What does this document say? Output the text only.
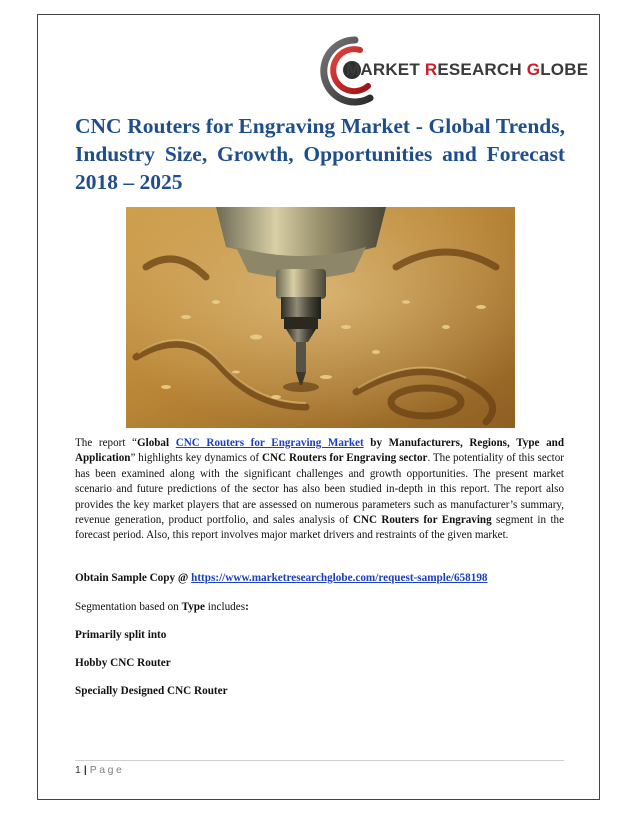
MARKET RESEARCH GLOBE
CNC Routers for Engraving Market - Global Trends, Industry Size, Growth, Opportunities and Forecast 2018 – 2025

The report “Global CNC Routers for Engraving Market by Manufacturers, Regions, Type and Application” highlights key dynamics of CNC Routers for Engraving sector. The potentiality of this sector has been examined along with the significant challenges and growth opportunities. The present market scenario and future predictions of the sector has also been studied in-depth in this report. The report also provides the key market players that are assessed on numerous parameters such as manufacturer’s summary, revenue generation, product portfolio, and sales analysis of CNC Routers for Engraving segment in the forecast period. Also, this report involves major market drivers and restraints of the given market.

Obtain Sample Copy @ https://www.marketresearchglobe.com/request-sample/658198

Segmentation based on Type includes:

Primarily split into

Hobby CNC Router

Specially Designed CNC Router

1 | Page
